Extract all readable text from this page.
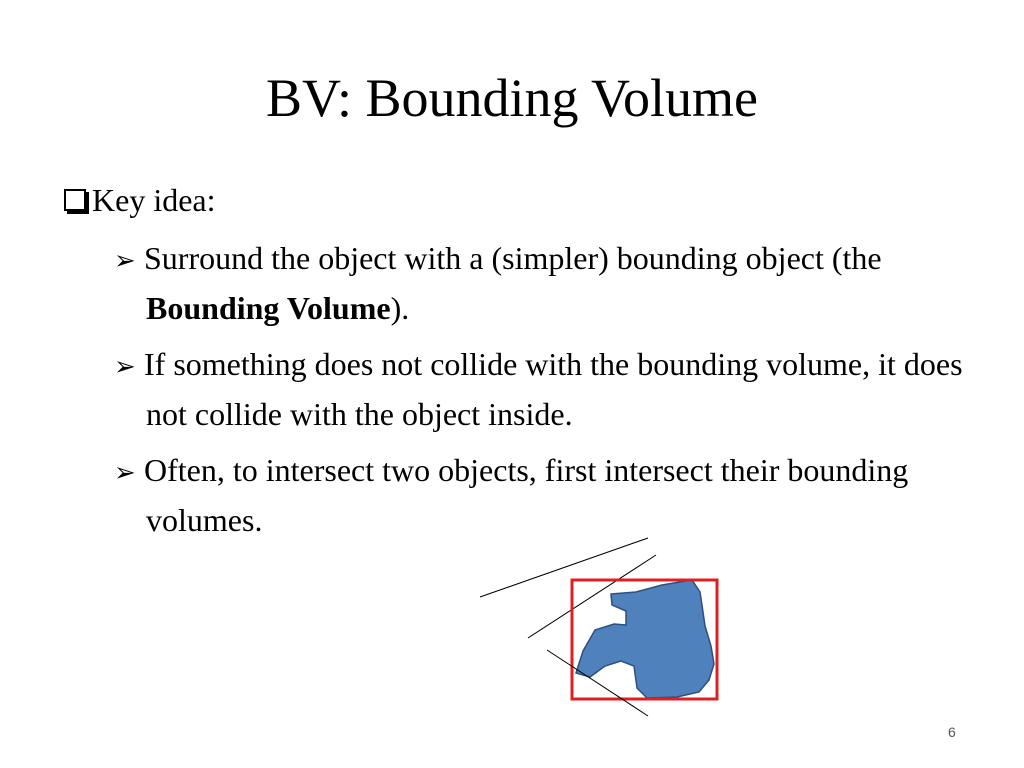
BV: Bounding Volume
Key idea:
➢ Surround the object with a (simpler) bounding object (the Bounding Volume).
➢ If something does not collide with the bounding volume, it does not collide with the object inside.
➢ Often, to intersect two objects, first intersect their bounding volumes.
6
